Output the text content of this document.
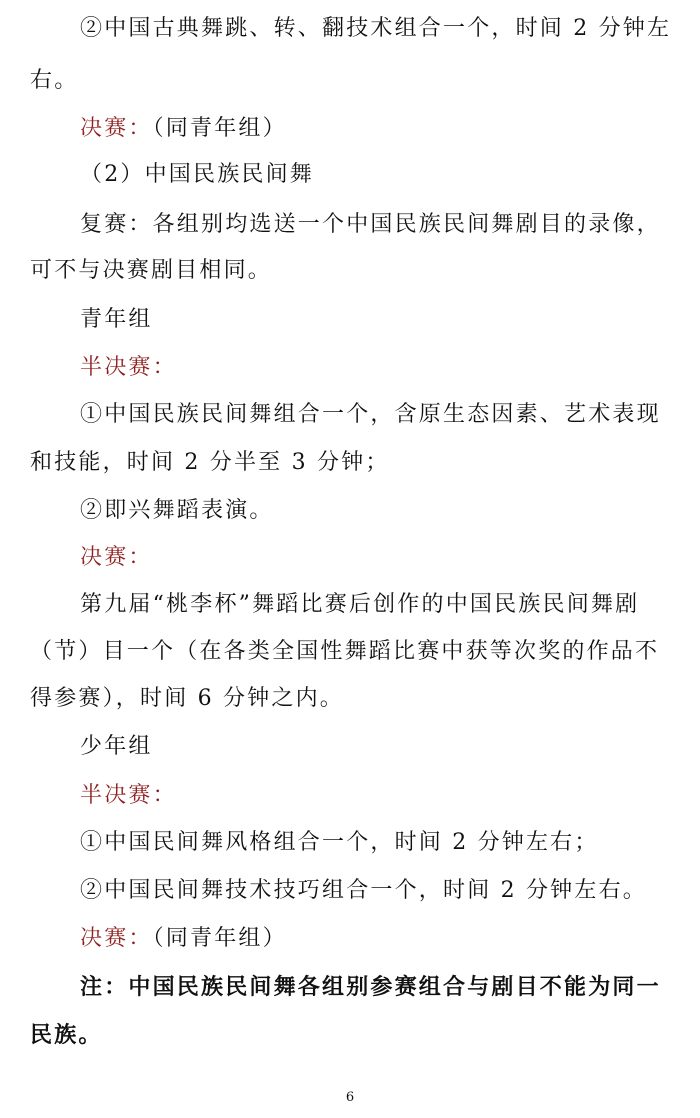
②中国古典舞跳、转、翻技术组合一个，时间 2 分钟左
右。
决赛：（同青年组）
（2）中国民族民间舞
复赛：各组别均选送一个中国民族民间舞剧目的录像，
可不与决赛剧目相同。
青年组
半决赛：
①中国民族民间舞组合一个，含原生态因素、艺术表现
和技能，时间 2 分半至 3 分钟；
②即兴舞蹈表演。
决赛：
第九届“桃李杯”舞蹈比赛后创作的中国民族民间舞剧
（节）目一个（在各类全国性舞蹈比赛中获等次奖的作品不
得参赛），时间 6 分钟之内。
少年组
半决赛：
①中国民间舞风格组合一个，时间 2 分钟左右；
②中国民间舞技术技巧组合一个，时间 2 分钟左右。
决赛：（同青年组）
注：中国民族民间舞各组别参赛组合与剧目不能为同一
民族。
6
